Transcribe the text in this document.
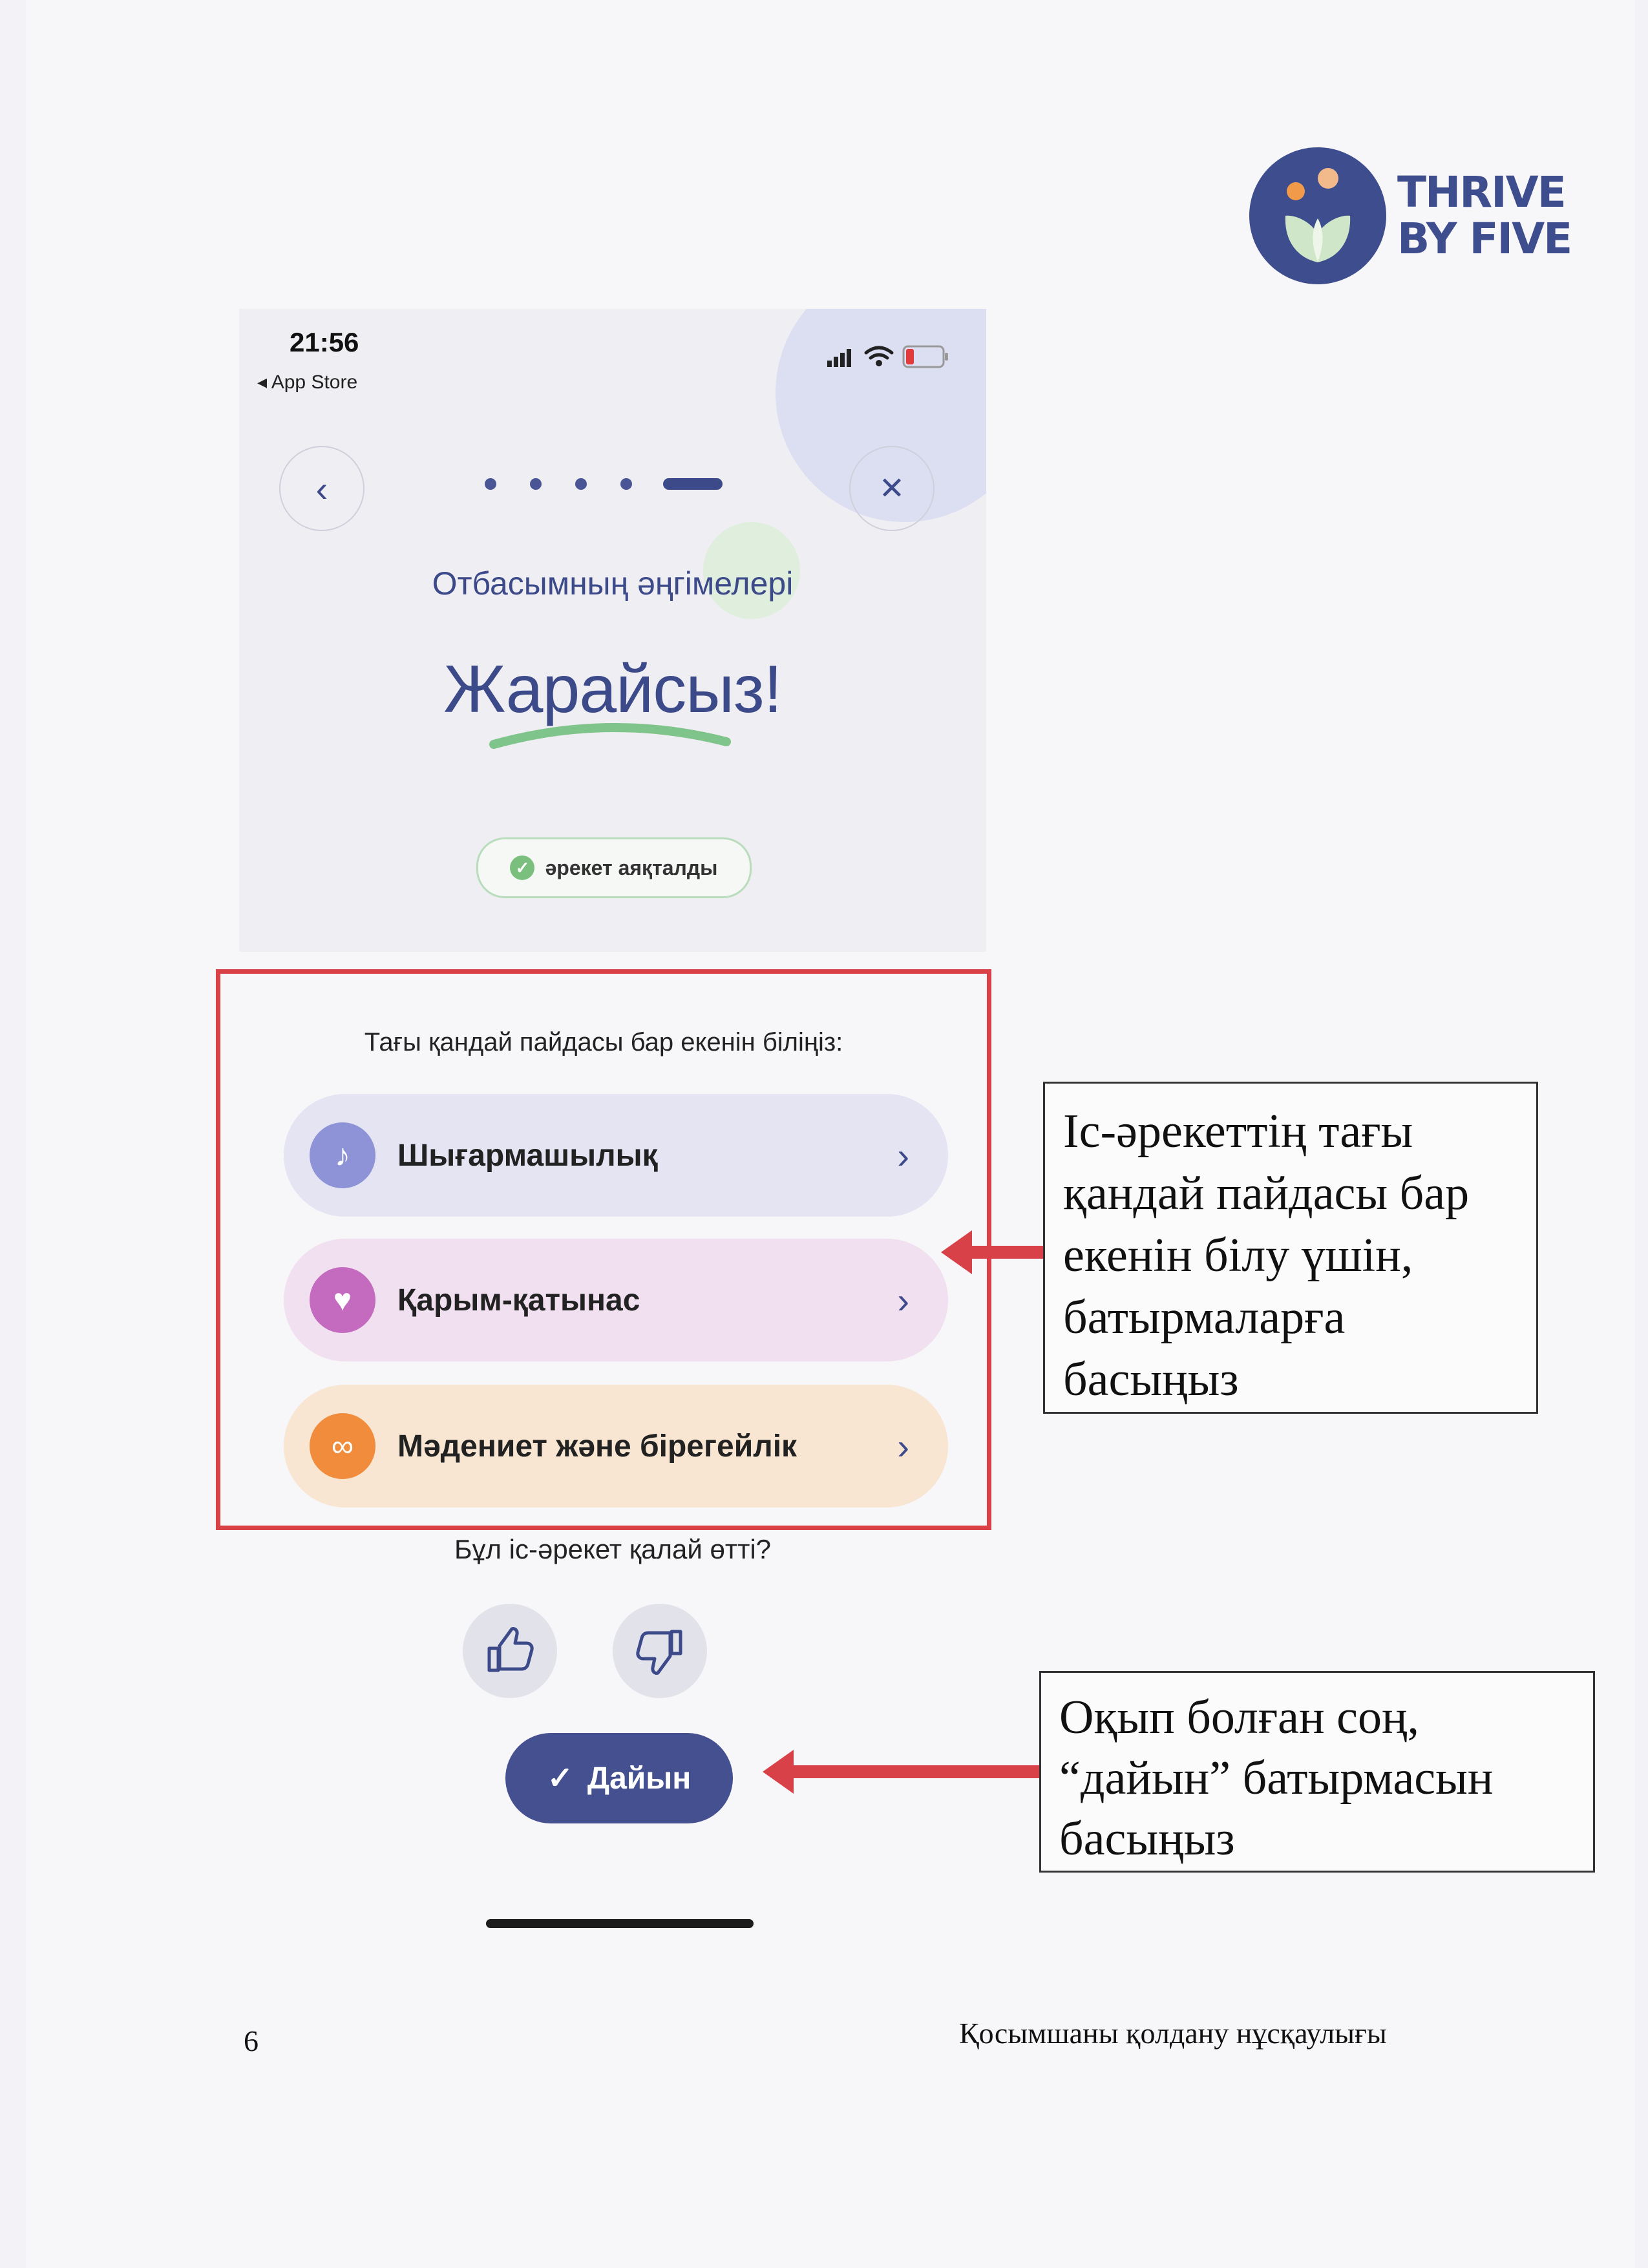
THRIVE
BY FIVE
21:56
◂ App Store
‹	✕
Отбасымның әңгімелері
Жарайсыз!
✓ әрекет аяқталды
Тағы қандай пайдасы бар екенін біліңіз:
♪	Шығармашылық	›
♥	Қарым-қатынас	›
∞	Мәдениет және бірегейлік	›
Бұл іс-әрекет қалай өтті?
✓ Дайын
Іс-әрекеттің тағы қандай пайдасы бар екенін білу үшін, батырмаларға басыңыз
Оқып болған соң, “дайын” батырмасын басыңыз
6	Қосымшаны қолдану нұсқаулығы
